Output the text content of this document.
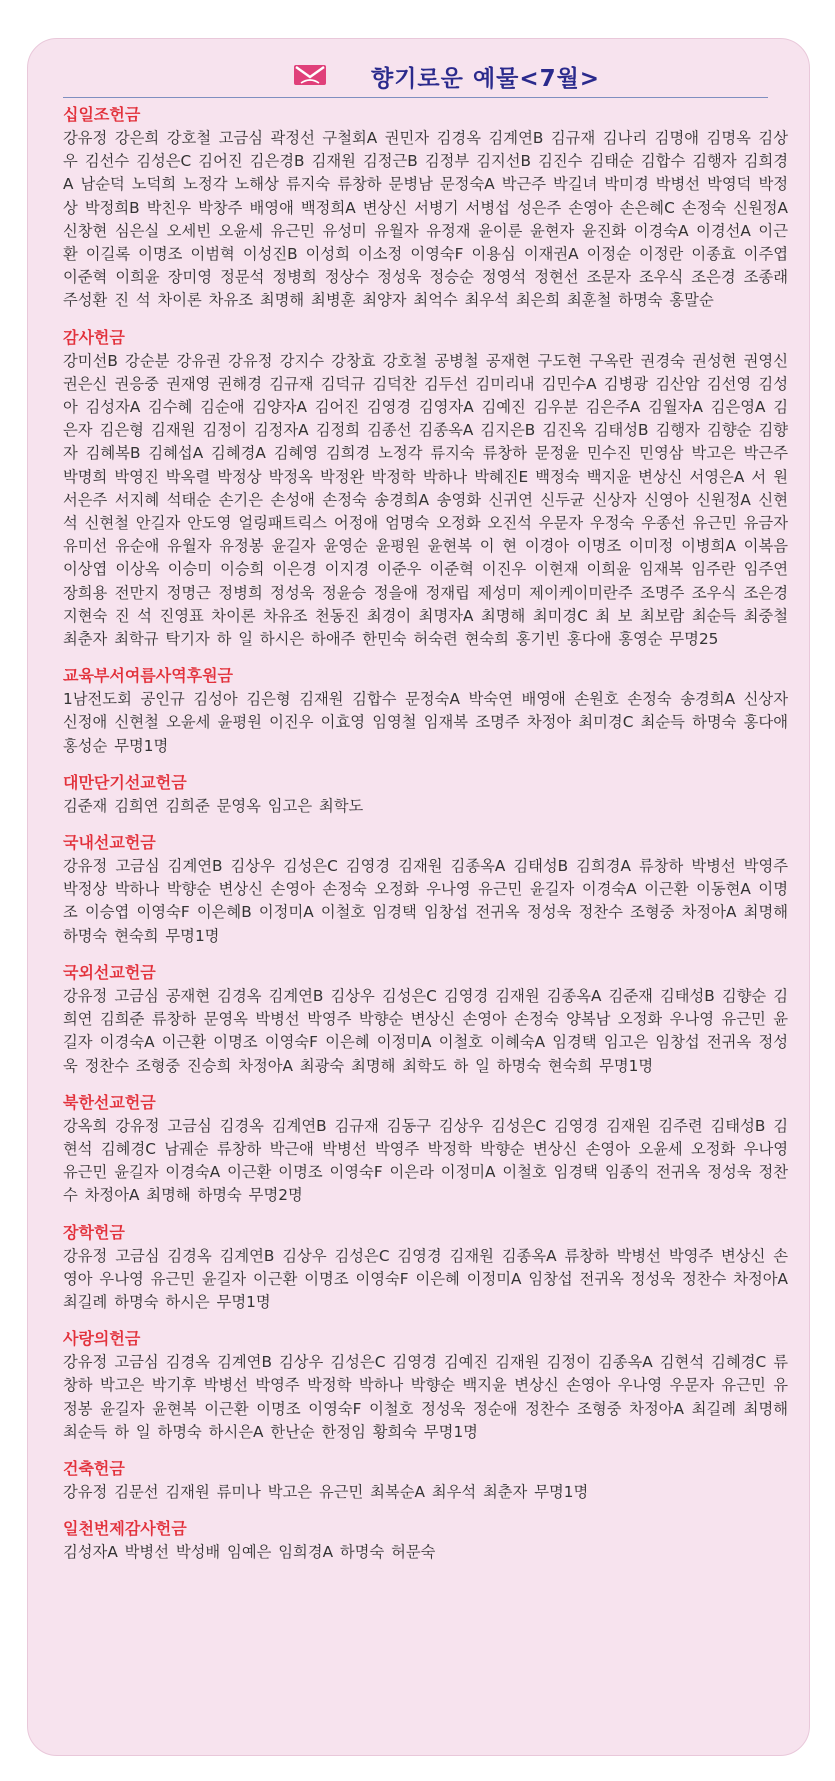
향기로운 예물<7월>
십일조헌금
강유정 강은희 강호철 고금심 곽정선 구철회A 권민자 김경옥 김계연B 김규재 김나리 김명애 김명옥 김상우 김선수 김성은C 김어진 김은경B 김재원 김정근B 김정부 김지선B 김진수 김태순 김합수 김행자 김희경A 남순덕 노덕희 노정각 노해상 류지숙 류창하 문병남 문정숙A 박근주 박길녀 박미경 박병선 박영덕 박정상 박정희B 박친우 박창주 배영애 백정희A 변상신 서병기 서병섭 성은주 손영아 손은혜C 손정숙 신원정A 신창현 심은실 오세빈 오윤세 유근민 유성미 유월자 유정재 윤이룬 윤현자 윤진화 이경숙A 이경선A 이근환 이길록 이명조 이범혁 이성진B 이성희 이소정 이영숙F 이용심 이재권A 이정순 이정란 이종효 이주엽 이준혁 이희윤 장미영 정문석 정병희 정상수 정성욱 정승순 정영석 정현선 조문자 조우식 조은경 조종래 주성환 진 석 차이론 차유조 최명해 최병훈 최양자 최억수 최우석 최은희 최훈철 하명숙 홍말순
감사헌금
강미선B 강순분 강유권 강유정 강지수 강창효 강호철 공병철 공재현 구도현 구옥란 권경숙 권성현 권영신 권은신 권응중 권재영 권해경 김규재 김덕규 김덕찬 김두선 김미리내 김민수A 김병광 김산암 김선영 김성아 김성자A 김수혜 김순애 김양자A 김어진 김영경 김영자A 김예진 김우분 김은주A 김월자A 김은영A 김은자 김은형 김재원 김정이 김정자A 김정희 김종선 김종옥A 김지은B 김진옥 김태성B 김행자 김향순 김향자 김혜복B 김혜섭A 김혜경A 김혜영 김희경 노정각 류지숙 류창하 문정윤 민수진 민영삼 박고은 박근주 박명희 박영진 박옥렬 박정상 박정옥 박정완 박정학 박하나 박혜진E 백정숙 백지윤 변상신 서영은A 서 원 서은주 서지혜 석태순 손기은 손성애 손정숙 송경희A 송영화 신귀연 신두균 신상자 신영아 신원정A 신현석 신현철 안길자 안도영 얼링패트릭스 어정애 엄명숙 오정화 오진석 우문자 우정숙 우종선 유근민 유금자 유미선 유순애 유월자 유정봉 윤길자 윤영순 윤평원 윤현복 이 현 이경아 이명조 이미정 이병희A 이복음 이상엽 이상옥 이승미 이승희 이은경 이지경 이준우 이준혁 이진우 이현재 이희윤 임재복 임주란 임주연 장희용 전만지 정명근 정병희 정성욱 정윤승 정을애 정재립 제성미 제이케이미란주 조명주 조우식 조은경 지현숙 진 석 진영표 차이론 차유조 천동진 최경이 최명자A 최명해 최미경C 최 보 최보람 최순득 최중철 최춘자 최학규 탁기자 하 일 하시은 하애주 한민숙 허숙련 현숙희 홍기빈 홍다애 홍영순 무명25
교육부서여름사역후원금
1남전도회 공인규 김성아 김은형 김재원 김합수 문정숙A 박숙연 배영애 손원호 손정숙 송경희A 신상자 신정애 신현철 오윤세 윤평원 이진우 이효영 임영철 임재복 조명주 차정아 최미경C 최순득 하명숙 홍다애 홍성순 무명1명
대만단기선교헌금
김준재 김희연 김희준 문영옥 임고은 최학도
국내선교헌금
강유정 고금심 김계연B 김상우 김성은C 김영경 김재원 김종옥A 김태성B 김희경A 류창하 박병선 박영주 박정상 박하나 박향순 변상신 손영아 손정숙 오정화 우나영 유근민 윤길자 이경숙A 이근환 이동현A 이명조 이승엽 이영숙F 이은혜B 이정미A 이철호 임경택 임창섭 전귀옥 정성욱 정찬수 조형중 차정아A 최명해 하명숙 현숙희 무명1명
국외선교헌금
강유정 고금심 공재현 김경옥 김계연B 김상우 김성은C 김영경 김재원 김종옥A 김준재 김태성B 김향순 김희연 김희준 류창하 문영옥 박병선 박영주 박향순 변상신 손영아 손정숙 양복남 오정화 우나영 유근민 윤길자 이경숙A 이근환 이명조 이영숙F 이은혜 이정미A 이철호 이혜숙A 임경택 임고은 임창섭 전귀옥 정성욱 정찬수 조형중 진승희 차정아A 최광숙 최명해 최학도 하 일 하명숙 현숙희 무명1명
북한선교헌금
강옥희 강유정 고금심 김경옥 김계연B 김규재 김동구 김상우 김성은C 김영경 김재원 김주련 김태성B 김현석 김혜경C 남궤순 류창하 박근애 박병선 박영주 박정학 박향순 변상신 손영아 오윤세 오정화 우나영 유근민 윤길자 이경숙A 이근환 이명조 이영숙F 이은라 이정미A 이철호 임경택 임종익 전귀옥 정성욱 정찬수 차정아A 최명해 하명숙 무명2명
장학헌금
강유정 고금심 김경옥 김계연B 김상우 김성은C 김영경 김재원 김종옥A 류창하 박병선 박영주 변상신 손영아 우나영 유근민 윤길자 이근환 이명조 이영숙F 이은혜 이정미A 임창섭 전귀옥 정성욱 정찬수 차정아A 최길례 하명숙 하시은 무명1명
사랑의헌금
강유정 고금심 김경옥 김계연B 김상우 김성은C 김영경 김예진 김재원 김정이 김종옥A 김현석 김혜경C 류창하 박고은 박기후 박병선 박영주 박정학 박하나 박향순 백지윤 변상신 손영아 우나영 우문자 유근민 유정봉 윤길자 윤현복 이근환 이명조 이영숙F 이철호 정성욱 정순애 정찬수 조형중 차정아A 최길례 최명해 최순득 하 일 하명숙 하시은A 한난순 한정임 황희숙 무명1명
건축헌금
강유정 김문선 김재원 류미나 박고은 유근민 최복순A 최우석 최춘자 무명1명
일천번제감사헌금
김성자A 박병선 박성배 임예은 임희경A 하명숙 허문숙
